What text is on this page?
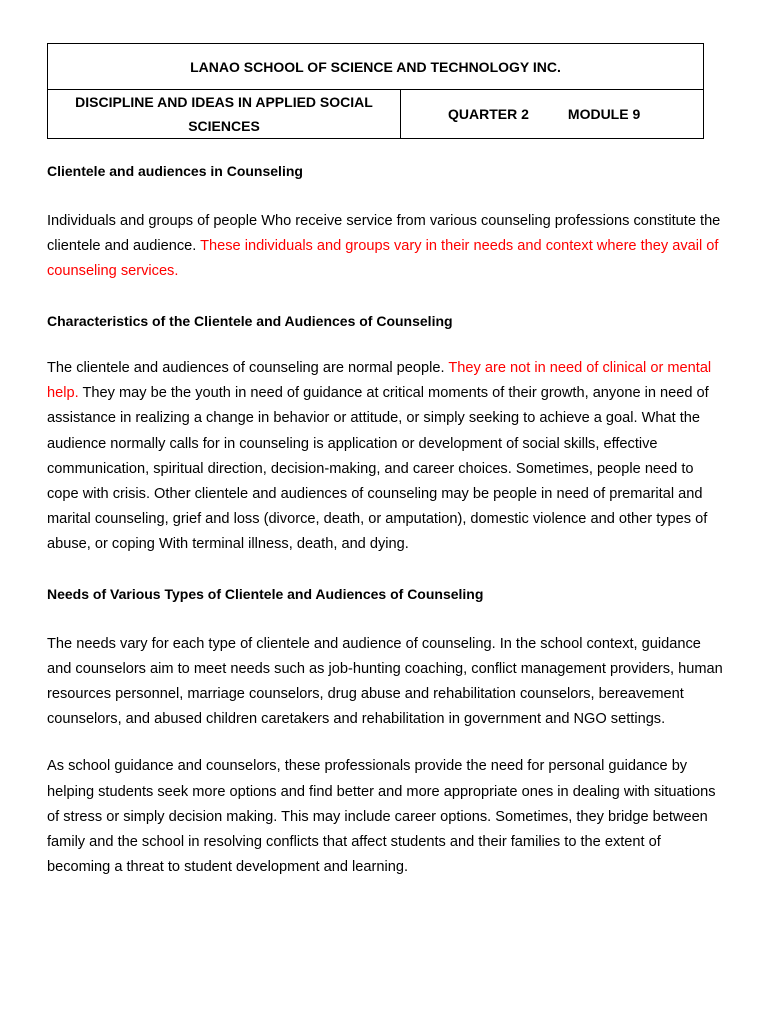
LANAO SCHOOL OF SCIENCE AND TECHNOLOGY INC.
DISCIPLINE AND IDEAS IN APPLIED SOCIAL SCIENCES	QUARTER 2	MODULE 9

Clientele and audiences in Counseling

Individuals and groups of people Who receive service from various counseling professions constitute the clientele and audience. These individuals and groups vary in their needs and context where they avail of counseling services.

Characteristics of the Clientele and Audiences of Counseling

The clientele and audiences of counseling are normal people. They are not in need of clinical or mental help. They may be the youth in need of guidance at critical moments of their growth, anyone in need of assistance in realizing a change in behavior or attitude, or simply seeking to achieve a goal. What the audience normally calls for in counseling is application or development of social skills, effective communication, spiritual direction, decision-making, and career choices. Sometimes, people need to cope with crisis. Other clientele and audiences of counseling may be people in need of premarital and marital counseling, grief and loss (divorce, death, or amputation), domestic violence and other types of abuse, or coping With terminal illness, death, and dying.

Needs of Various Types of Clientele and Audiences of Counseling

The needs vary for each type of clientele and audience of counseling. In the school context, guidance and counselors aim to meet needs such as job-hunting coaching, conflict management providers, human resources personnel, marriage counselors, drug abuse and rehabilitation counselors, bereavement counselors, and abused children caretakers and rehabilitation in government and NGO settings.

As school guidance and counselors, these professionals provide the need for personal guidance by helping students seek more options and find better and more appropriate ones in dealing with situations of stress or simply decision making. This may include career options. Sometimes, they bridge between family and the school in resolving conflicts that affect students and their families to the extent of becoming a threat to student development and learning.
